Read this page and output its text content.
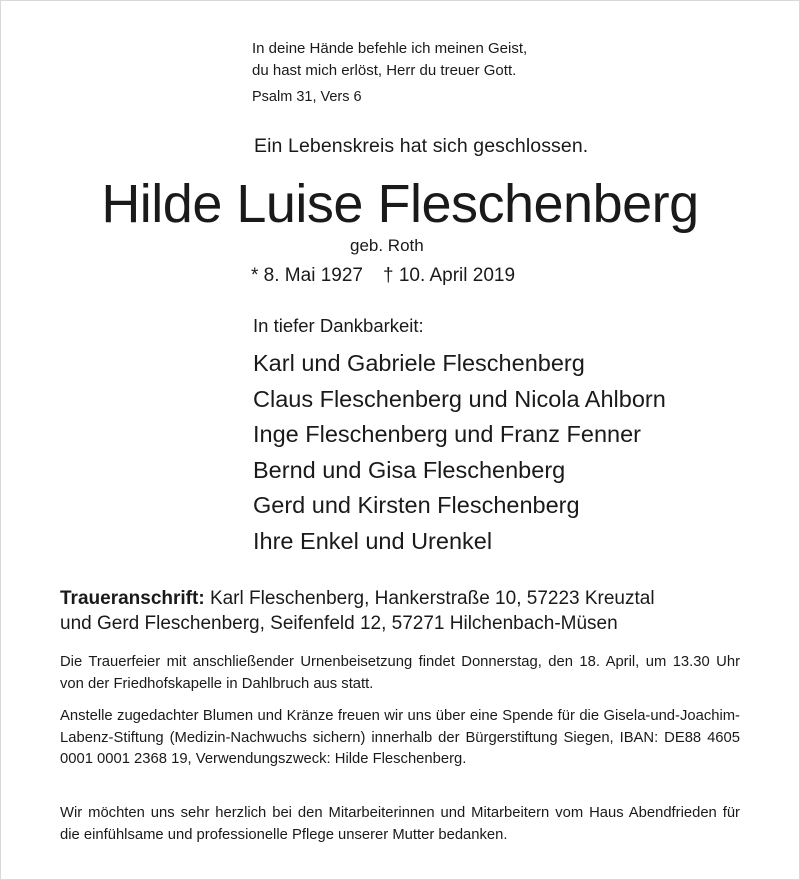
In deine Hände befehle ich meinen Geist,
du hast mich erlöst, Herr du treuer Gott.
Psalm 31, Vers 6
Ein Lebenskreis hat sich geschlossen.
Hilde Luise Fleschenberg
geb. Roth
* 8. Mai 1927 † 10. April 2019
In tiefer Dankbarkeit:
Karl und Gabriele Fleschenberg
Claus Fleschenberg und Nicola Ahlborn
Inge Fleschenberg und Franz Fenner
Bernd und Gisa Fleschenberg
Gerd und Kirsten Fleschenberg
Ihre Enkel und Urenkel
Traueranschrift: Karl Fleschenberg, Hankerstraße 10, 57223 Kreuztal
und Gerd Fleschenberg, Seifenfeld 12, 57271 Hilchenbach-Müsen
Die Trauerfeier mit anschließender Urnenbeisetzung findet Donnerstag, den 18. April, um 13.30 Uhr von der Friedhofskapelle in Dahlbruch aus statt.
Anstelle zugedachter Blumen und Kränze freuen wir uns über eine Spende für die Gisela-und-Joachim-Labenz-Stiftung (Medizin-Nachwuchs sichern) innerhalb der Bürgerstiftung Siegen, IBAN: DE88 4605 0001 0001 2368 19, Verwendungszweck: Hilde Fleschenberg.
Wir möchten uns sehr herzlich bei den Mitarbeiterinnen und Mitarbeitern vom Haus Abendfrieden für die einfühlsame und professionelle Pflege unserer Mutter bedanken.
